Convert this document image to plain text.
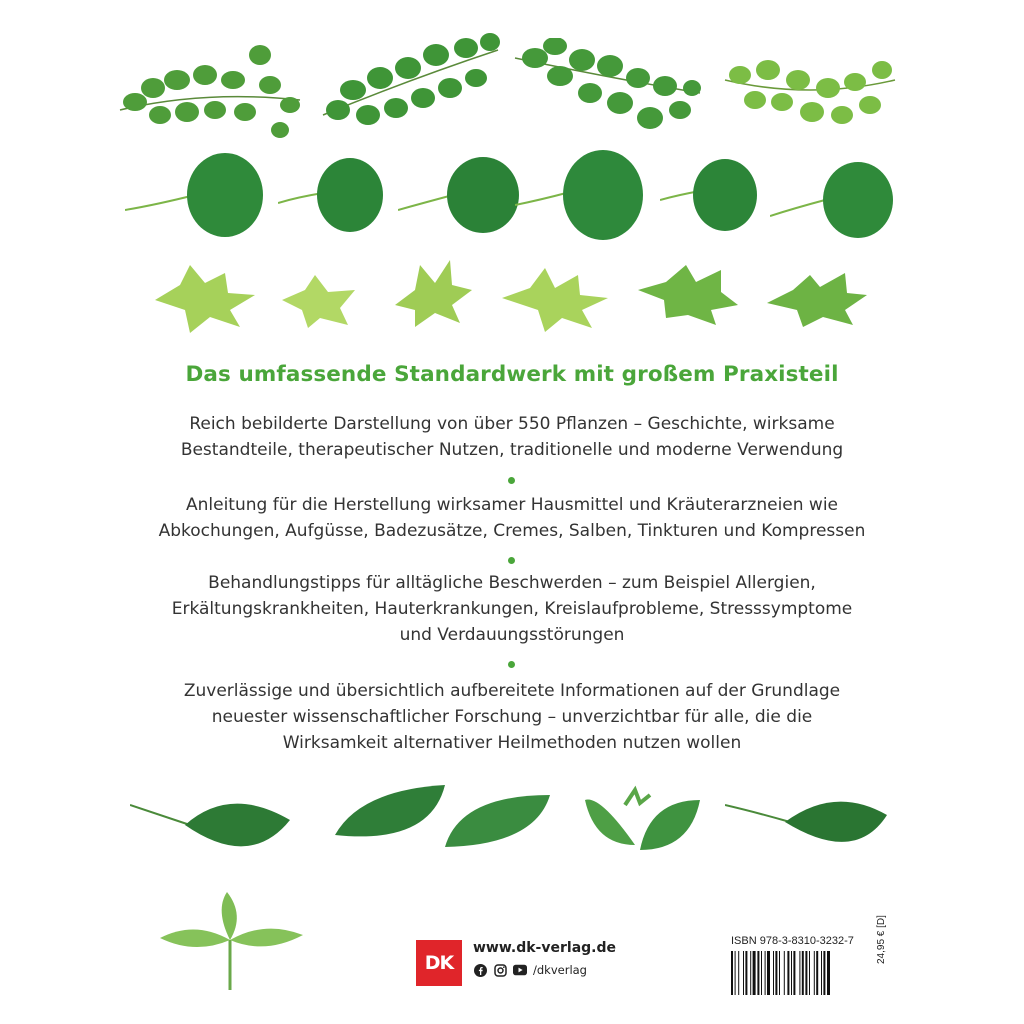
Das umfassende Standardwerk mit großem Praxisteil
Reich bebilderte Darstellung von über 550 Pflanzen – Geschichte, wirksame
Bestandteile, therapeutischer Nutzen, traditionelle und moderne Verwendung
Anleitung für die Herstellung wirksamer Hausmittel und Kräuterarzneien wie
Abkochungen, Aufgüsse, Badezusätze, Cremes, Salben, Tinkturen und Kompressen
Behandlungstipps für alltägliche Beschwerden – zum Beispiel Allergien,
Erkältungskrankheiten, Hauterkrankungen, Kreislaufprobleme, Stresssymptome
und Verdauungsstörungen
Zuverlässige und übersichtlich aufbereitete Informationen auf der Grundlage
neuester wissenschaftlicher Forschung – unverzichtbar für alle, die die
Wirksamkeit alternativer Heilmethoden nutzen wollen
DK
www.dk-verlag.de
/dkverlag
ISBN 978-3-8310-3232-7 24,95 € [D]
